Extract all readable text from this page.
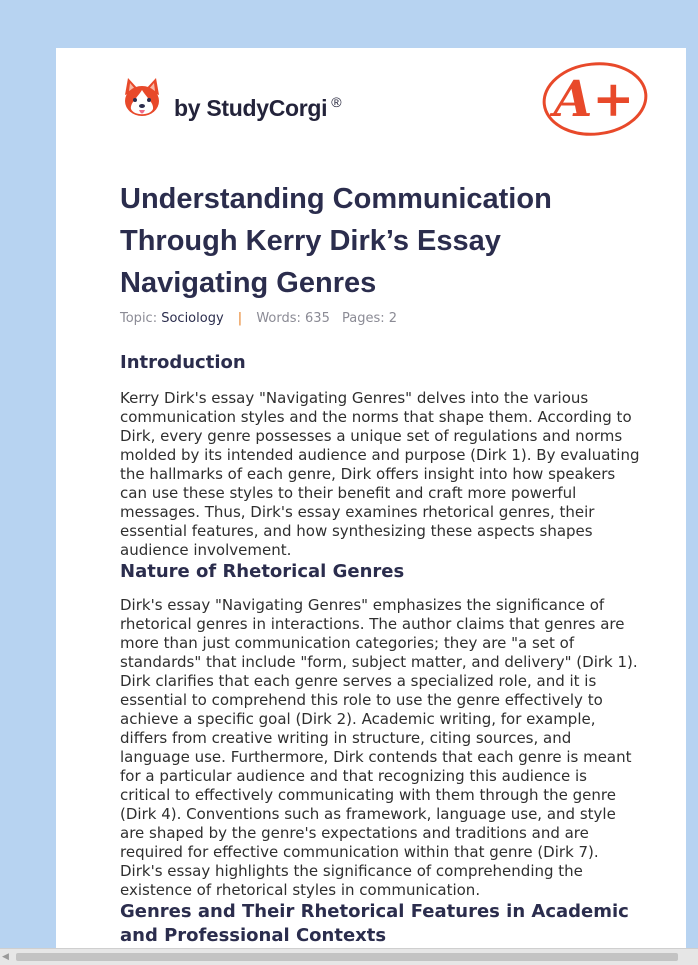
by StudyCorgi ®	A+
Understanding Communication Through Kerry Dirk’s Essay Navigating Genres
Topic: Sociology | Words: 635 Pages: 2
Introduction

Kerry Dirk's essay "Navigating Genres" delves into the various communication styles and the norms that shape them. According to Dirk, every genre possesses a unique set of regulations and norms molded by its intended audience and purpose (Dirk 1). By evaluating the hallmarks of each genre, Dirk offers insight into how speakers can use these styles to their benefit and craft more powerful messages. Thus, Dirk's essay examines rhetorical genres, their essential features, and how synthesizing these aspects shapes audience involvement.

Nature of Rhetorical Genres

Dirk's essay "Navigating Genres" emphasizes the significance of rhetorical genres in interactions. The author claims that genres are more than just communication categories; they are "a set of standards" that include "form, subject matter, and delivery" (Dirk 1). Dirk clarifies that each genre serves a specialized role, and it is essential to comprehend this role to use the genre effectively to achieve a specific goal (Dirk 2). Academic writing, for example, differs from creative writing in structure, citing sources, and language use. Furthermore, Dirk contends that each genre is meant for a particular audience and that recognizing this audience is critical to effectively communicating with them through the genre (Dirk 4). Conventions such as framework, language use, and style are shaped by the genre's expectations and traditions and are required for effective communication within that genre (Dirk 7). Dirk's essay highlights the significance of comprehending the existence of rhetorical styles in communication.

Genres and Their Rhetorical Features in Academic and Professional Contexts
◀
